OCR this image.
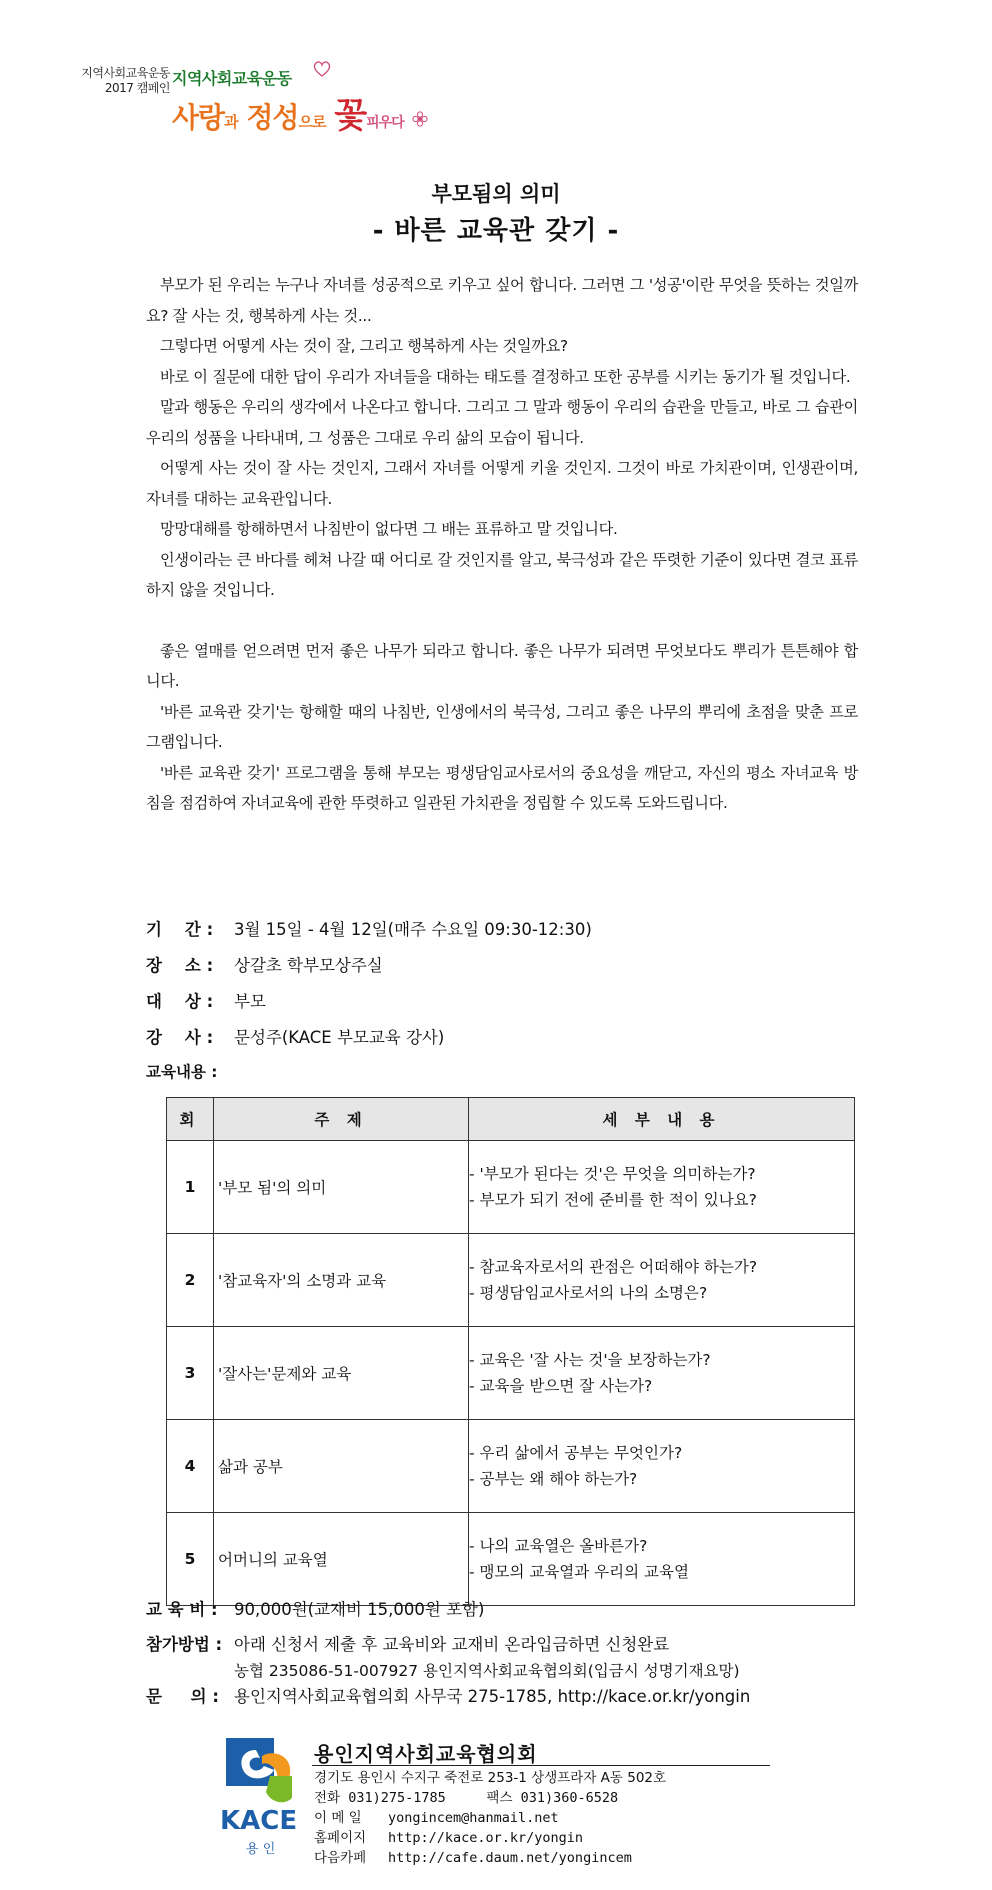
지역사회교육운동
2017 캠페인 지역사회교육운동
사랑과 정성으로 꽃피우다
부모됨의 의미
- 바른 교육관 갖기 -

부모가 된 우리는 누구나 자녀를 성공적으로 키우고 싶어 합니다. 그러면 그 '성공'이란 무엇을 뜻하는 것일까요? 잘 사는 것, 행복하게 사는 것...

그렇다면 어떻게 사는 것이 잘, 그리고 행복하게 사는 것일까요?

바로 이 질문에 대한 답이 우리가 자녀들을 대하는 태도를 결정하고 또한 공부를 시키는 동기가 될 것입니다.

말과 행동은 우리의 생각에서 나온다고 합니다. 그리고 그 말과 행동이 우리의 습관을 만들고, 바로 그 습관이 우리의 성품을 나타내며, 그 성품은 그대로 우리 삶의 모습이 됩니다.

어떻게 사는 것이 잘 사는 것인지, 그래서 자녀를 어떻게 키울 것인지. 그것이 바로 가치관이며, 인생관이며, 자녀를 대하는 교육관입니다.

망망대해를 항해하면서 나침반이 없다면 그 배는 표류하고 말 것입니다.

인생이라는 큰 바다를 헤쳐 나갈 때 어디로 갈 것인지를 알고, 북극성과 같은 뚜렷한 기준이 있다면 결코 표류하지 않을 것입니다.

좋은 열매를 얻으려면 먼저 좋은 나무가 되라고 합니다. 좋은 나무가 되려면 무엇보다도 뿌리가 튼튼해야 합니다.

'바른 교육관 갖기'는 항해할 때의 나침반, 인생에서의 북극성, 그리고 좋은 나무의 뿌리에 초점을 맞춘 프로그램입니다.

'바른 교육관 갖기' 프로그램을 통해 부모는 평생담임교사로서의 중요성을 깨닫고, 자신의 평소 자녀교육 방침을 점검하여 자녀교육에 관한 뚜렷하고 일관된 가치관을 정립할 수 있도록 도와드립니다.

기    간 : 3월 15일 - 4월 12일(매주 수요일 09:30-12:30)
장    소 : 상갈초 학부모상주실
대    상 : 부모
강    사 : 문성주(KACE 부모교육 강사)
교육내용 :
회	주 제	세 부 내 용
1	'부모 됨'의 의미	- '부모가 된다는 것'은 무엇을 의미하는가?
- 부모가 되기 전에 준비를 한 적이 있나요?

2	'참교육자'의 소명과 교육	- 참교육자로서의 관점은 어떠해야 하는가?
- 평생담임교사로서의 나의 소명은?

3	'잘사는'문제와 교육	- 교육은 '잘 사는 것'을 보장하는가?
- 교육을 받으면 잘 사는가?

4	삶과 공부	- 우리 삶에서 공부는 무엇인가?
- 공부는 왜 해야 하는가?

5	어머니의 교육열	- 나의 교육열은 올바른가?
- 맹모의 교육열과 우리의 교육열
교 육 비 : 90,000원(교재비 15,000원 포함)
참가방법 : 아래 신청서 제출 후 교육비와 교재비 온라입금하면 신청완료
농협 235086-51-007927 용인지역사회교육협의회(입금시 성명기재요망)
문     의 : 용인지역사회교육협의회 사무국 275-1785, http://kace.or.kr/yongin
KACE
용 인
용인지역사회교육협의회
경기도 용인시 수지구 죽전로 253-1 상생프라자 A동 502호
전화 031)275-1785	팩스 031)360-6528
이 메 일 yongincem@hanmail.net
홈페이지 http://kace.or.kr/yongin
다음카페 http://cafe.daum.net/yongincem
